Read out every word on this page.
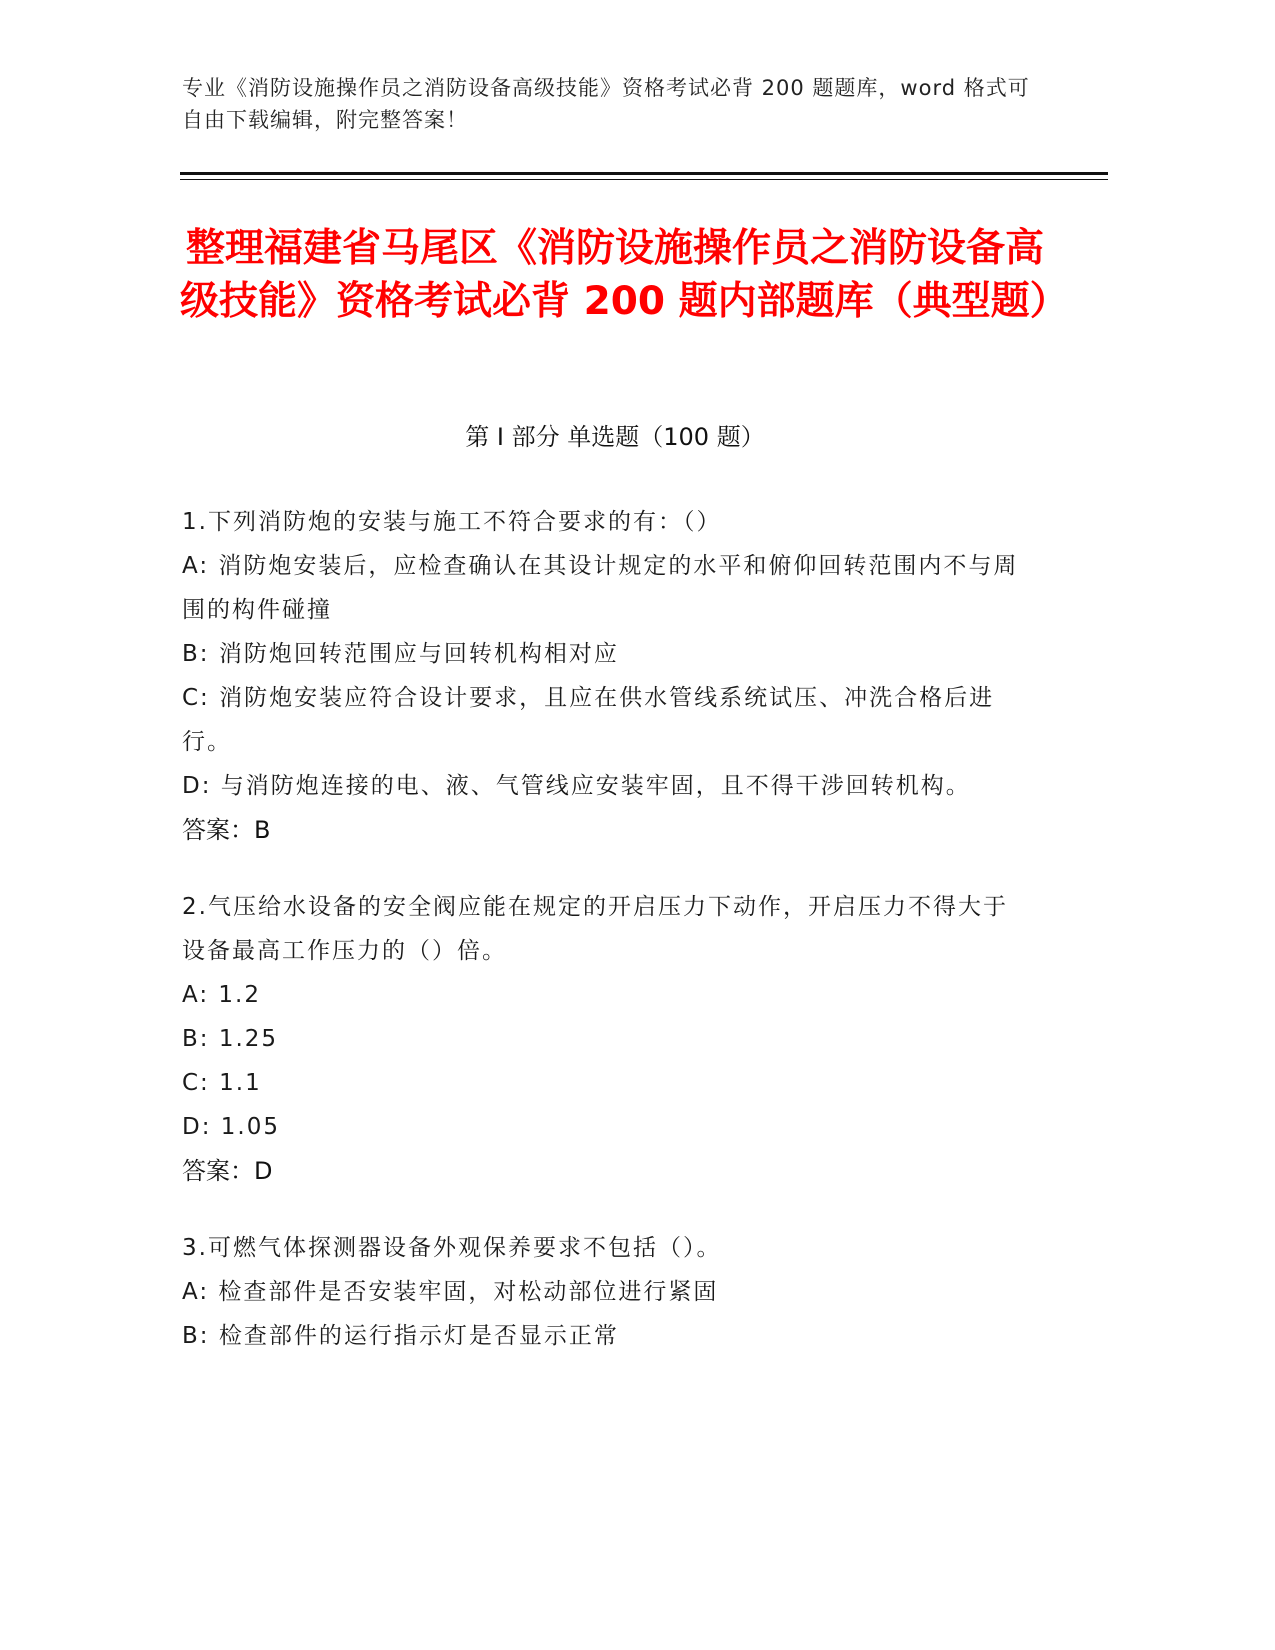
专业《消防设施操作员之消防设备高级技能》资格考试必背 200 题题库，word 格式可自由下载编辑，附完整答案！
整理福建省马尾区《消防设施操作员之消防设备高级技能》资格考试必背 200 题内部题库（典型题）
第 I 部分 单选题（100 题）
1.下列消防炮的安装与施工不符合要求的有：（）
A: 消防炮安装后，应检查确认在其设计规定的水平和俯仰回转范围内不与周围的构件碰撞
B: 消防炮回转范围应与回转机构相对应
C: 消防炮安装应符合设计要求，且应在供水管线系统试压、冲洗合格后进行。
D: 与消防炮连接的电、液、气管线应安装牢固，且不得干涉回转机构。
答案：B
2.气压给水设备的安全阀应能在规定的开启压力下动作，开启压力不得大于设备最高工作压力的（）倍。
A: 1.2
B: 1.25
C: 1.1
D: 1.05
答案：D
3.可燃气体探测器设备外观保养要求不包括（）。
A: 检查部件是否安装牢固，对松动部位进行紧固
B: 检查部件的运行指示灯是否显示正常
